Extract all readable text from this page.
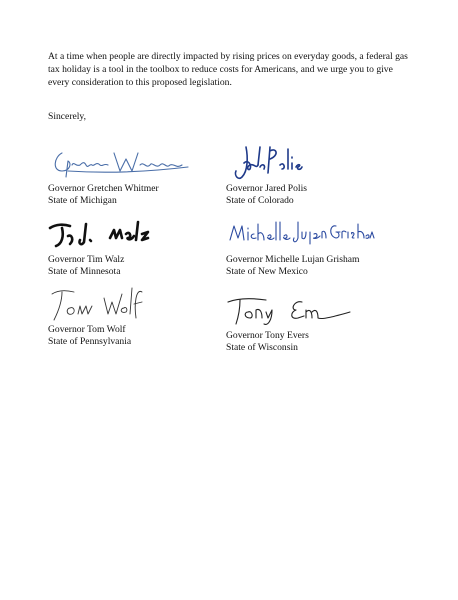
At a time when people are directly impacted by rising prices on everyday goods, a federal gas tax holiday is a tool in the toolbox to reduce costs for Americans, and we urge you to give every consideration to this proposed legislation.

Sincerely,

Governor Gretchen Whitmer
State of Michigan
Governor Jared Polis
State of Colorado
Governor Tim Walz
State of Minnesota
Governor Michelle Lujan Grisham
State of New Mexico
Governor Tom Wolf
State of Pennsylvania
Governor Tony Evers
State of Wisconsin
